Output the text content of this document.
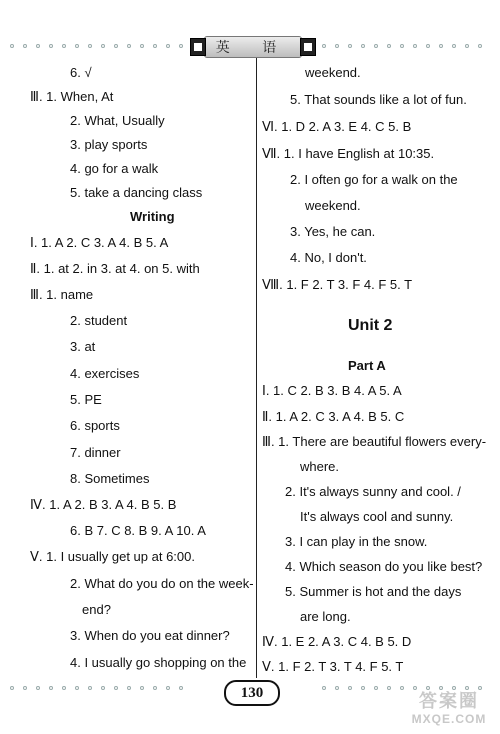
英 语
6. √
Ⅲ. 1. When, At
2. What, Usually
3. play sports
4. go for a walk
5. take a dancing class
Writing
Ⅰ. 1. A 2. C 3. A 4. B 5. A
Ⅱ. 1. at 2. in 3. at 4. on 5. with
Ⅲ. 1. name
2. student
3. at
4. exercises
5. PE
6. sports
7. dinner
8. Sometimes
Ⅳ. 1. A 2. B 3. A 4. B 5. B
6. B 7. C 8. B 9. A 10. A
Ⅴ. 1. I usually get up at 6:00.
2. What do you do on the week-
end?
3. When do you eat dinner?
4. I usually go shopping on the
weekend.
5. That sounds like a lot of fun.
Ⅵ. 1. D 2. A 3. E 4. C 5. B
Ⅶ. 1. I have English at 10:35.
2. I often go for a walk on the
weekend.
3. Yes, he can.
4. No, I don't.
Ⅷ. 1. F 2. T 3. F 4. F 5. T
Unit 2
Part A
Ⅰ. 1. C 2. B 3. B 4. A 5. A
Ⅱ. 1. A 2. C 3. A 4. B 5. C
Ⅲ. 1. There are beautiful flowers every-
where.
2. It's always sunny and cool. /
It's always cool and sunny.
3. I can play in the snow.
4. Which season do you like best?
5. Summer is hot and the days
are long.
Ⅳ. 1. E 2. A 3. C 4. B 5. D
Ⅴ. 1. F 2. T 3. T 4. F 5. T
130	答案圈
MXQE.COM
